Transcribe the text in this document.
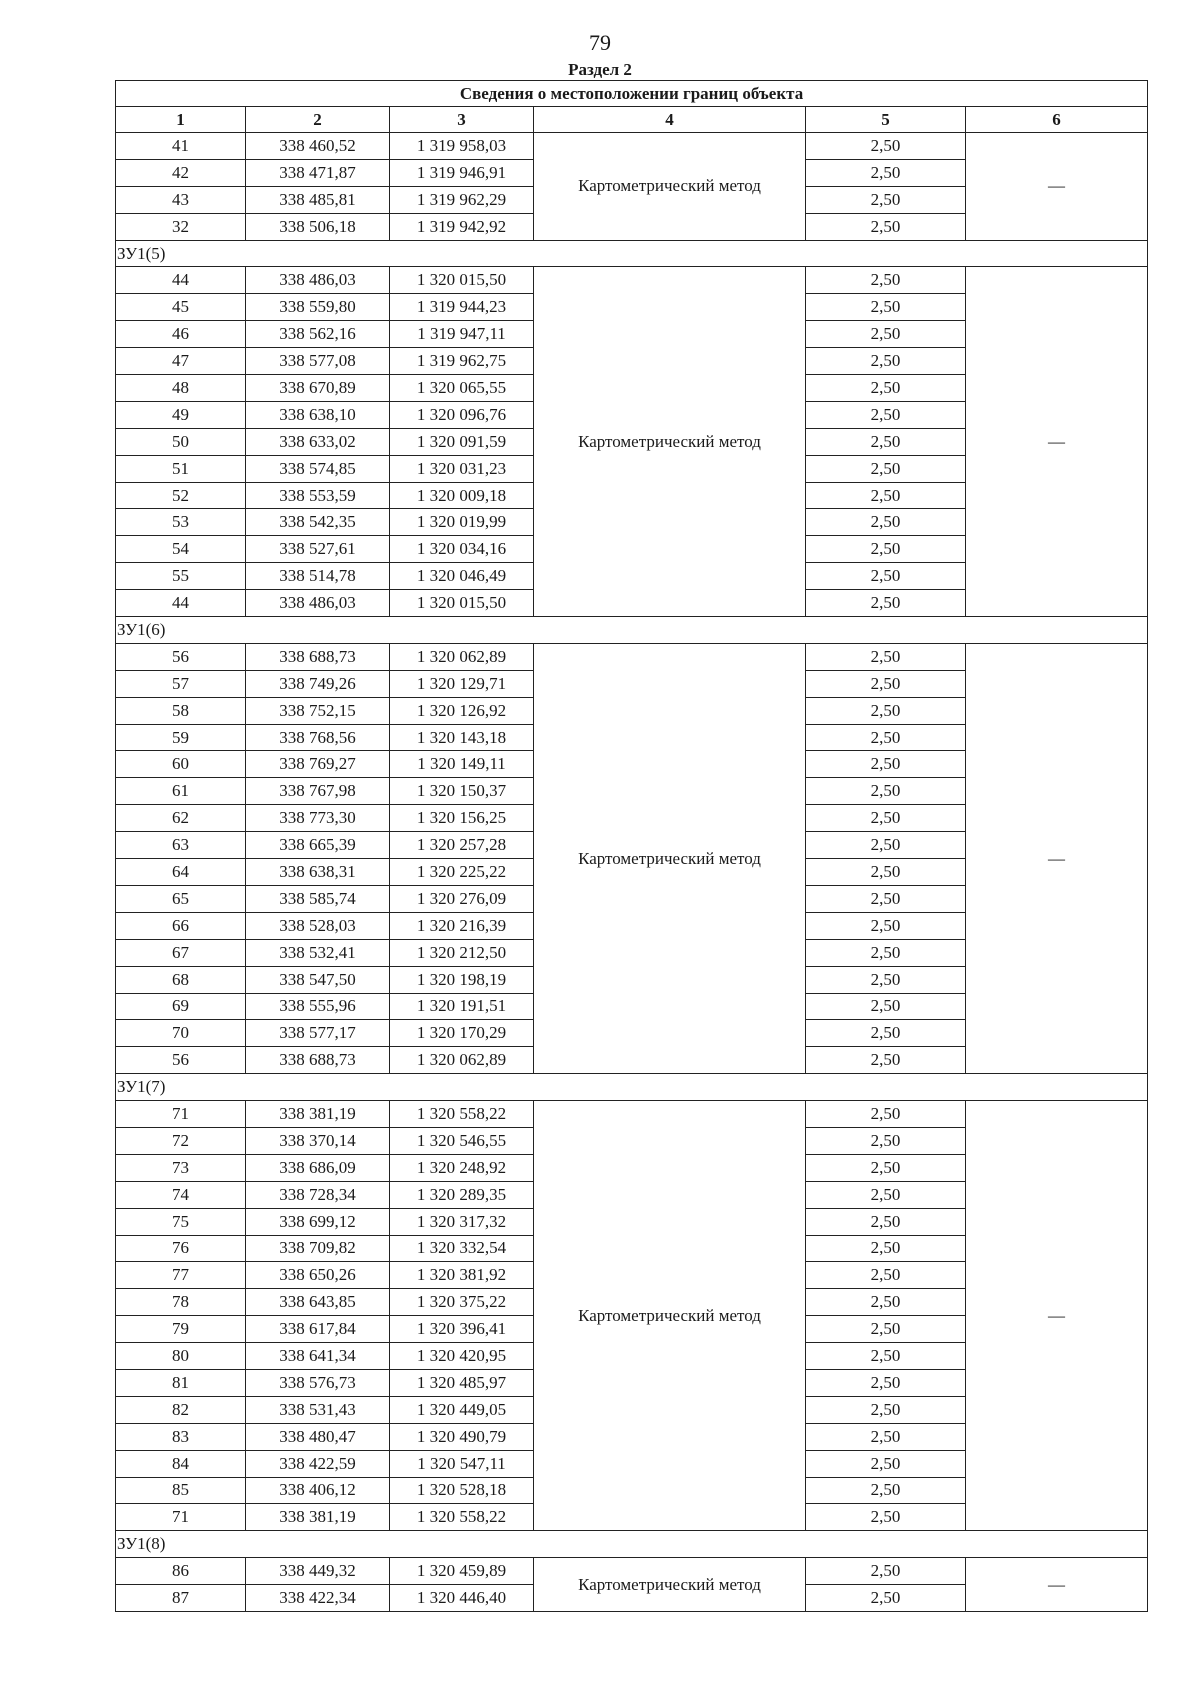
79
Раздел 2
Сведения о местоположении границ объекта					
1	2	3	4	5	6
41	338 460,52	1 319 958,03	Картометрический метод	2,50	—
42	338 471,87	1 319 946,91		2,50	
43	338 485,81	1 319 962,29		2,50	
32	338 506,18	1 319 942,92		2,50	
ЗУ1(5)					
44	338 486,03	1 320 015,50	Картометрический метод	2,50	—
45	338 559,80	1 319 944,23		2,50	
46	338 562,16	1 319 947,11		2,50	
47	338 577,08	1 319 962,75		2,50	
48	338 670,89	1 320 065,55		2,50	
49	338 638,10	1 320 096,76		2,50	
50	338 633,02	1 320 091,59		2,50	
51	338 574,85	1 320 031,23		2,50	
52	338 553,59	1 320 009,18		2,50	
53	338 542,35	1 320 019,99		2,50	
54	338 527,61	1 320 034,16		2,50	
55	338 514,78	1 320 046,49		2,50	
44	338 486,03	1 320 015,50		2,50	
ЗУ1(6)					
56	338 688,73	1 320 062,89	Картометрический метод	2,50	—
57	338 749,26	1 320 129,71		2,50	
58	338 752,15	1 320 126,92		2,50	
59	338 768,56	1 320 143,18		2,50	
60	338 769,27	1 320 149,11		2,50	
61	338 767,98	1 320 150,37		2,50	
62	338 773,30	1 320 156,25		2,50	
63	338 665,39	1 320 257,28		2,50	
64	338 638,31	1 320 225,22		2,50	
65	338 585,74	1 320 276,09		2,50	
66	338 528,03	1 320 216,39		2,50	
67	338 532,41	1 320 212,50		2,50	
68	338 547,50	1 320 198,19		2,50	
69	338 555,96	1 320 191,51		2,50	
70	338 577,17	1 320 170,29		2,50	
56	338 688,73	1 320 062,89		2,50	
ЗУ1(7)					
71	338 381,19	1 320 558,22	Картометрический метод	2,50	—
72	338 370,14	1 320 546,55		2,50	
73	338 686,09	1 320 248,92		2,50	
74	338 728,34	1 320 289,35		2,50	
75	338 699,12	1 320 317,32		2,50	
76	338 709,82	1 320 332,54		2,50	
77	338 650,26	1 320 381,92		2,50	
78	338 643,85	1 320 375,22		2,50	
79	338 617,84	1 320 396,41		2,50	
80	338 641,34	1 320 420,95		2,50	
81	338 576,73	1 320 485,97		2,50	
82	338 531,43	1 320 449,05		2,50	
83	338 480,47	1 320 490,79		2,50	
84	338 422,59	1 320 547,11		2,50	
85	338 406,12	1 320 528,18		2,50	
71	338 381,19	1 320 558,22		2,50	
ЗУ1(8)					
86	338 449,32	1 320 459,89	Картометрический метод	2,50	—
87	338 422,34	1 320 446,40		2,50	
